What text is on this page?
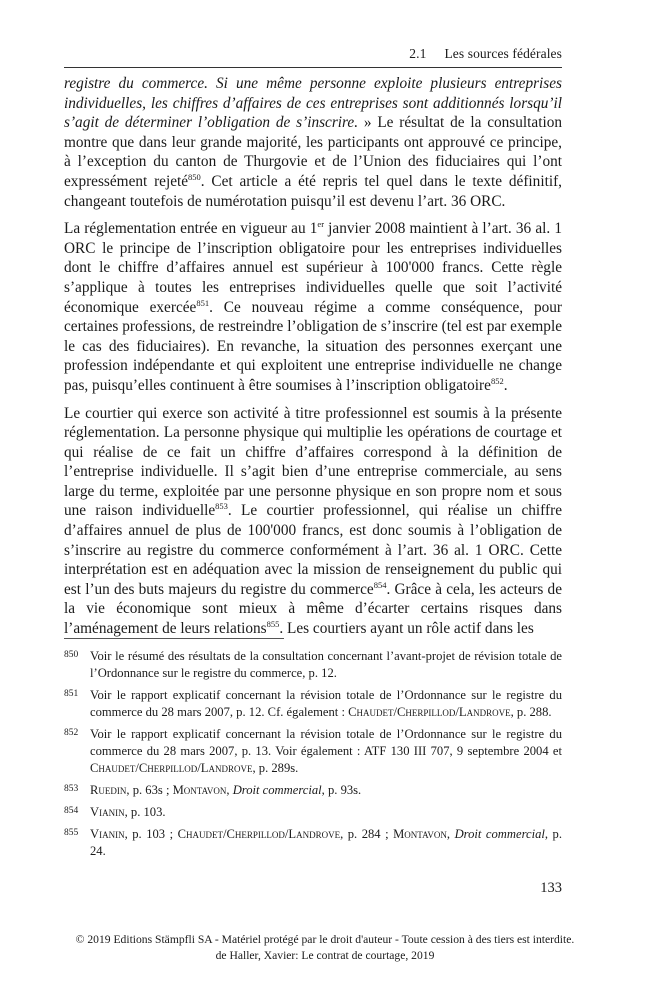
2.1 Les sources fédérales

registre du commerce. Si une même personne exploite plusieurs entreprises individuelles, les chiffres d’affaires de ces entreprises sont additionnés lorsqu’il s’agit de déterminer l’obligation de s’inscrire. » Le résultat de la consultation montre que dans leur grande majorité, les participants ont approuvé ce principe, à l’exception du canton de Thurgovie et de l’Union des fiduciaires qui l’ont expressément rejeté$^{850}$. Cet article a été repris tel quel dans le texte définitif, changeant toutefois de numérotation puisqu’il est devenu l’art. 36 ORC.

La réglementation entrée en vigueur au 1er janvier 2008 maintient à l’art. 36 al. 1 ORC le principe de l’inscription obligatoire pour les entreprises individuelles dont le chiffre d’affaires annuel est supérieur à 100'000 francs. Cette règle s’applique à toutes les entreprises individuelles quelle que soit l’activité économique exercée$^{851}$. Ce nouveau régime a comme conséquence, pour certaines professions, de restreindre l’obligation de s’inscrire (tel est par exemple le cas des fiduciaires). En revanche, la situation des personnes exerçant une profession indépendante et qui exploitent une entreprise individuelle ne change pas, puisqu’elles continuent à être soumises à l’inscription obligatoire$^{852}$.

Le courtier qui exerce son activité à titre professionnel est soumis à la présente réglementation. La personne physique qui multiplie les opérations de courtage et qui réalise de ce fait un chiffre d’affaires correspond à la définition de l’entreprise individuelle. Il s’agit bien d’une entreprise commerciale, au sens large du terme, exploitée par une personne physique en son propre nom et sous une raison individuelle$^{853}$. Le courtier professionnel, qui réalise un chiffre d’affaires annuel de plus de 100'000 francs, est donc soumis à l’obligation de s’inscrire au registre du commerce conformément à l’art. 36 al. 1 ORC. Cette interprétation est en adéquation avec la mission de renseignement du public qui est l’un des buts majeurs du registre du commerce$^{854}$. Grâce à cela, les acteurs de la vie économique sont mieux à même d’écarter certains risques dans l’aménagement de leurs relations$^{855}$. Les courtiers ayant un rôle actif dans les

850 Voir le résumé des résultats de la consultation concernant l’avant-projet de révision totale de l’Ordonnance sur le registre du commerce, p. 12.
851 Voir le rapport explicatif concernant la révision totale de l’Ordonnance sur le registre du commerce du 28 mars 2007, p. 12. Cf. également : Chaudet/Cherpillod/Landrove, p. 288.
852 Voir le rapport explicatif concernant la révision totale de l’Ordonnance sur le registre du commerce du 28 mars 2007, p. 13. Voir également : ATF 130 III 707, 9 septembre 2004 et Chaudet/Cherpillod/Landrove, p. 289s.
853 Ruedin, p. 63s ; Montavon, Droit commercial, p. 93s.
854 Vianin, p. 103.
855 Vianin, p. 103 ; Chaudet/Cherpillod/Landrove, p. 284 ; Montavon, Droit commercial, p. 24.
133
© 2019 Editions Stämpfli SA - Matériel protégé par le droit d'auteur - Toute cession à des tiers est interdite.
de Haller, Xavier: Le contrat de courtage, 2019
